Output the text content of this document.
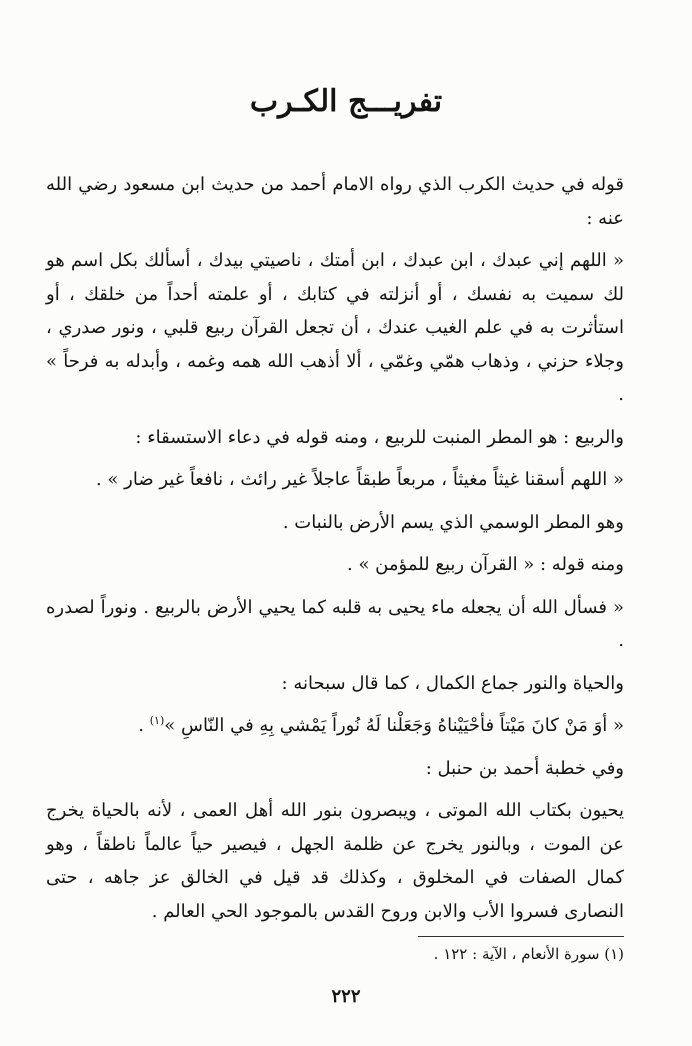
تفريـــج الكـرب

قوله في حديث الكرب الذي رواه الامام أحمد من حديث ابن مسعود رضي الله عنه :

« اللهم إني عبدك ، ابن عبدك ، ابن أمتك ، ناصيتي بيدك ، أسألك بكل اسم هو لك سميت به نفسك ، أو أنزلته في كتابك ، أو علمته أحداً من خلقك ، أو استأثرت به في علم الغيب عندك ، أن تجعل القرآن ربيع قلبي ، ونور صدري ، وجلاء حزني ، وذهاب همّي وغمّي ، ألا أذهب الله همه وغمه ، وأبدله به فرحاً » .

والربيع : هو المطر المنبت للربيع ، ومنه قوله في دعاء الاستسقاء :

« اللهم أسقنا غيثاً مغيثاً ، مربعاً طبقاً عاجلاً غير رائث ، نافعاً غير ضار » .

وهو المطر الوسمي الذي يسم الأرض بالنبات .

ومنه قوله : « القرآن ربيع للمؤمن » .

« فسأل الله أن يجعله ماء يحيى به قلبه كما يحيي الأرض بالربيع . ونوراً لصدره .

والحياة والنور جماع الكمال ، كما قال سبحانه :

« أوَ مَنْ كانَ مَيْتاً فأحْيَيْناهُ وَجَعَلْنا لَهُ نُوراً يَمْشي بِهِ في النّاسِ »$^{(١)}$ .

وفي خطبة أحمد بن حنبل :

يحيون بكتاب الله الموتى ، ويبصرون بنور الله أهل العمى ، لأنه بالحياة يخرج عن الموت ، وبالنور يخرج عن ظلمة الجهل ، فيصير حياً عالماً ناطقاً ، وهو كمال الصفات في المخلوق ، وكذلك قد قيل في الخالق عز جاهه ، حتى النصارى فسروا الأب والابن وروح القدس بالموجود الحي العالم .

(١) سورة الأنعام ، الآية : ١٢٢ .
٢٢٢
